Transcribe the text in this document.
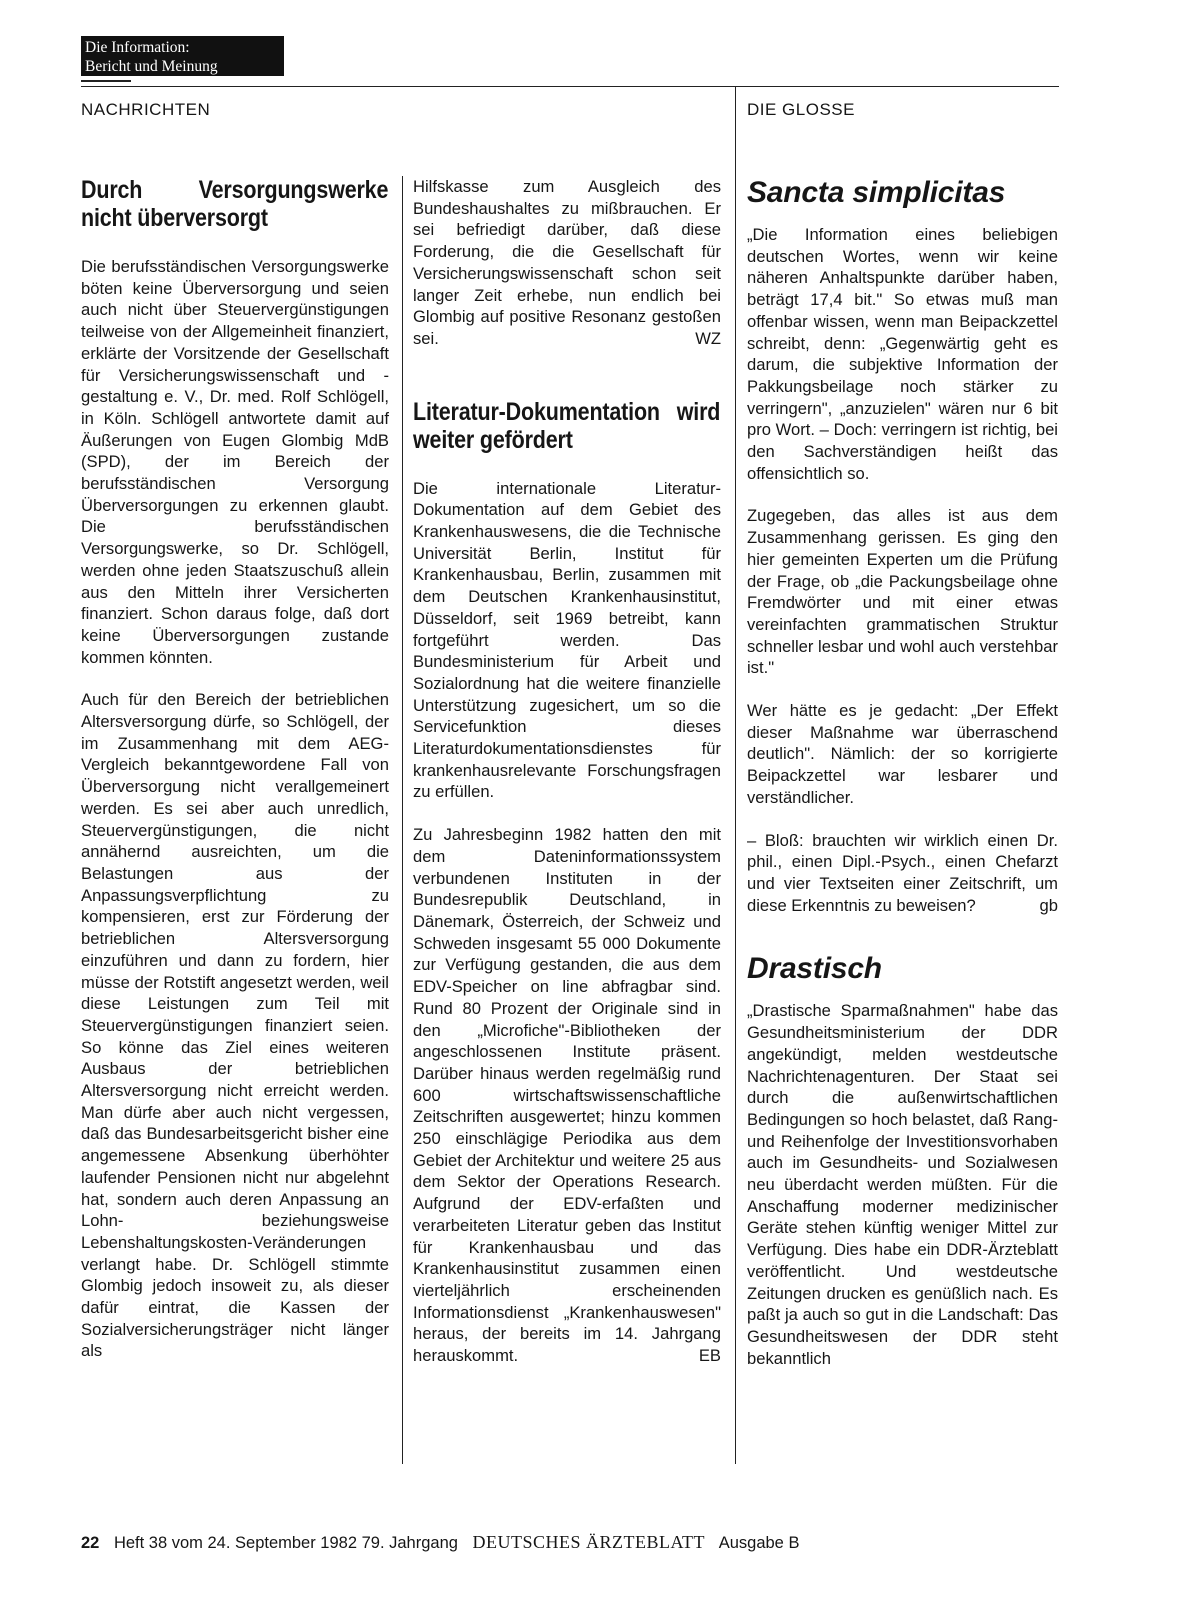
Die Information:
Bericht und Meinung
NACHRICHTEN	DIE GLOSSE
Durch Versorgungswerke nicht überversorgt

Die berufsständischen Versorgungswerke böten keine Überversorgung und seien auch nicht über Steuervergünstigungen teilweise von der Allgemeinheit finanziert, erklärte der Vorsitzende der Gesellschaft für Versicherungswissenschaft und -gestaltung e. V., Dr. med. Rolf Schlögell, in Köln. Schlögell antwortete damit auf Äußerungen von Eugen Glombig MdB (SPD), der im Bereich der berufsständischen Versorgung Überversorgungen zu erkennen glaubt. Die berufsständischen Versorgungswerke, so Dr. Schlögell, werden ohne jeden Staatszuschuß allein aus den Mitteln ihrer Versicherten finanziert. Schon daraus folge, daß dort keine Überversorgungen zustande kommen könnten.

Auch für den Bereich der betrieblichen Altersversorgung dürfe, so Schlögell, der im Zusammenhang mit dem AEG-Vergleich bekanntgewordene Fall von Überversorgung nicht verallgemeinert werden. Es sei aber auch unredlich, Steuervergünstigungen, die nicht annähernd ausreichten, um die Belastungen aus der Anpassungsverpflichtung zu kompensieren, erst zur Förderung der betrieblichen Altersversorgung einzuführen und dann zu fordern, hier müsse der Rotstift angesetzt werden, weil diese Leistungen zum Teil mit Steuervergünstigungen finanziert seien. So könne das Ziel eines weiteren Ausbaus der betrieblichen Altersversorgung nicht erreicht werden. Man dürfe aber auch nicht vergessen, daß das Bundesarbeitsgericht bisher eine angemessene Absenkung überhöhter laufender Pensionen nicht nur abgelehnt hat, sondern auch deren Anpassung an Lohn- beziehungsweise Lebenshaltungskosten-Veränderungen verlangt habe. Dr. Schlögell stimmte Glombig jedoch insoweit zu, als dieser dafür eintrat, die Kassen der Sozialversicherungsträger nicht länger als

Hilfskasse zum Ausgleich des Bundeshaushaltes zu mißbrauchen. Er sei befriedigt darüber, daß diese Forderung, die die Gesellschaft für Versicherungswissenschaft schon seit langer Zeit erhebe, nun endlich bei Glombig auf positive Resonanz gestoßen sei.	WZ

Literatur-Dokumentation wird weiter gefördert

Die internationale Literatur-Dokumentation auf dem Gebiet des Krankenhauswesens, die die Technische Universität Berlin, Institut für Krankenhausbau, Berlin, zusammen mit dem Deutschen Krankenhausinstitut, Düsseldorf, seit 1969 betreibt, kann fortgeführt werden. Das Bundesministerium für Arbeit und Sozialordnung hat die weitere finanzielle Unterstützung zugesichert, um so die Servicefunktion dieses Literaturdokumentationsdienstes für krankenhausrelevante Forschungsfragen zu erfüllen.

Zu Jahresbeginn 1982 hatten den mit dem Dateninformationssystem verbundenen Instituten in der Bundesrepublik Deutschland, in Dänemark, Österreich, der Schweiz und Schweden insgesamt 55 000 Dokumente zur Verfügung gestanden, die aus dem EDV-Speicher on line abfragbar sind. Rund 80 Prozent der Originale sind in den „Microfiche"-Bibliotheken der angeschlossenen Institute präsent. Darüber hinaus werden regelmäßig rund 600 wirtschaftswissenschaftliche Zeitschriften ausgewertet; hinzu kommen 250 einschlägige Periodika aus dem Gebiet der Architektur und weitere 25 aus dem Sektor der Operations Research. Aufgrund der EDV-erfaßten und verarbeiteten Literatur geben das Institut für Krankenhausbau und das Krankenhausinstitut zusammen einen vierteljährlich erscheinenden Informationsdienst „Krankenhauswesen" heraus, der bereits im 14. Jahrgang herauskommt.	EB

Sancta simplicitas

„Die Information eines beliebigen deutschen Wortes, wenn wir keine näheren Anhaltspunkte darüber haben, beträgt 17,4 bit." So etwas muß man offenbar wissen, wenn man Beipackzettel schreibt, denn: „Gegenwärtig geht es darum, die subjektive Information der Pakkungsbeilage noch stärker zu verringern", „anzuzielen" wären nur 6 bit pro Wort. – Doch: verringern ist richtig, bei den Sachverständigen heißt das offensichtlich so.

Zugegeben, das alles ist aus dem Zusammenhang gerissen. Es ging den hier gemeinten Experten um die Prüfung der Frage, ob „die Packungsbeilage ohne Fremdwörter und mit einer etwas vereinfachten grammatischen Struktur schneller lesbar und wohl auch verstehbar ist."

Wer hätte es je gedacht: „Der Effekt dieser Maßnahme war überraschend deutlich". Nämlich: der so korrigierte Beipackzettel war lesbarer und verständlicher.

– Bloß: brauchten wir wirklich einen Dr. phil., einen Dipl.-Psych., einen Chefarzt und vier Textseiten einer Zeitschrift, um diese Erkenntnis zu beweisen?	gb

Drastisch

„Drastische Sparmaßnahmen" habe das Gesundheitsministerium der DDR angekündigt, melden westdeutsche Nachrichtenagenturen. Der Staat sei durch die außenwirtschaftlichen Bedingungen so hoch belastet, daß Rang- und Reihenfolge der Investitionsvorhaben auch im Gesundheits- und Sozialwesen neu überdacht werden müßten. Für die Anschaffung moderner medizinischer Geräte stehen künftig weniger Mittel zur Verfügung. Dies habe ein DDR-Ärzteblatt veröffentlicht. Und westdeutsche Zeitungen drucken es genüßlich nach. Es paßt ja auch so gut in die Landschaft: Das Gesundheitswesen der DDR steht bekanntlich

22 Heft 38 vom 24. September 1982 79. Jahrgang DEUTSCHES ÄRZTEBLATT Ausgabe B
